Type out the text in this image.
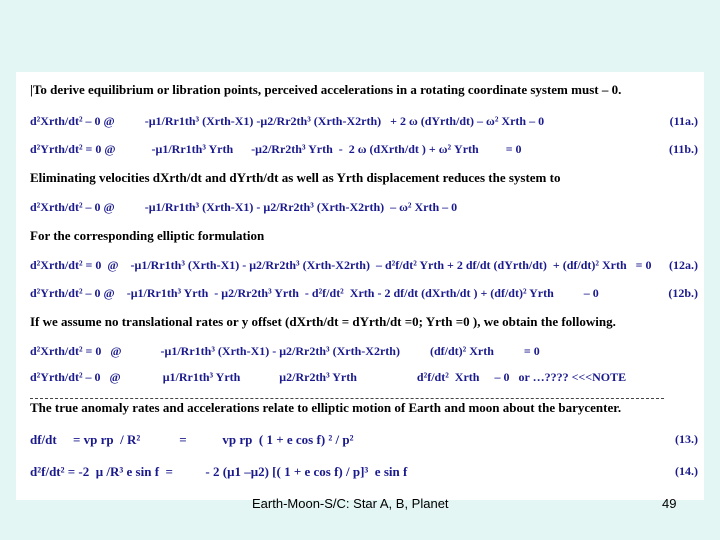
|To derive equilibrium or libration points, perceived accelerations in a rotating coordinate system must – 0.
d²Xrth/dt² – 0 @          -μ1/Rr1th³ (Xrth-X1) -μ2/Rr2th³ (Xrth-X2rth)   + 2 ω (dYrth/dt) – ω² Xrth – 0	(11a.)
d²Yrth/dt² = 0 @            -μ1/Rr1th³ Yrth      -μ2/Rr2th³ Yrth  -  2 ω (dXrth/dt ) + ω² Yrth         = 0	(11b.)
Eliminating velocities dXrth/dt and dYrth/dt as well as Yrth displacement reduces the system to
d²Xrth/dt² – 0 @          -μ1/Rr1th³ (Xrth-X1) - μ2/Rr2th³ (Xrth-X2rth)  – ω² Xrth – 0
For the corresponding elliptic formulation
d²Xrth/dt² = 0  @    -μ1/Rr1th³ (Xrth-X1) - μ2/Rr2th³ (Xrth-X2rth)  – d²f/dt² Yrth + 2 df/dt (dYrth/dt)  + (df/dt)² Xrth   = 0 (12a.)
d²Yrth/dt² – 0 @    -μ1/Rr1th³ Yrth  - μ2/Rr2th³ Yrth  - d²f/dt²  Xrth - 2 df/dt (dXrth/dt ) + (df/dt)² Yrth          – 0	(12b.)
If we assume no translational rates or y offset (dXrth/dt = dYrth/dt =0; Yrth =0 ), we obtain the following.
d²Xrth/dt² = 0   @             -μ1/Rr1th³ (Xrth-X1) - μ2/Rr2th³ (Xrth-X2rth)          (df/dt)² Xrth          = 0
d²Yrth/dt² – 0   @              μ1/Rr1th³ Yrth             μ2/Rr2th³ Yrth                    d²f/dt²  Xrth     – 0   or …???? <<<NOTE
The true anomaly rates and accelerations relate to elliptic motion of Earth and moon about the barycenter.
df/dt     = vp rp  / R²            =           vp rp  ( 1 + e cos f) ² / p²	(13.)
d²f/dt² = -2  μ /R³ e sin f  =          - 2 (μ1 –μ2) [( 1 + e cos f) / p]³  e sin f	(14.)
Earth-Moon-S/C: Star A, B, Planet	49
